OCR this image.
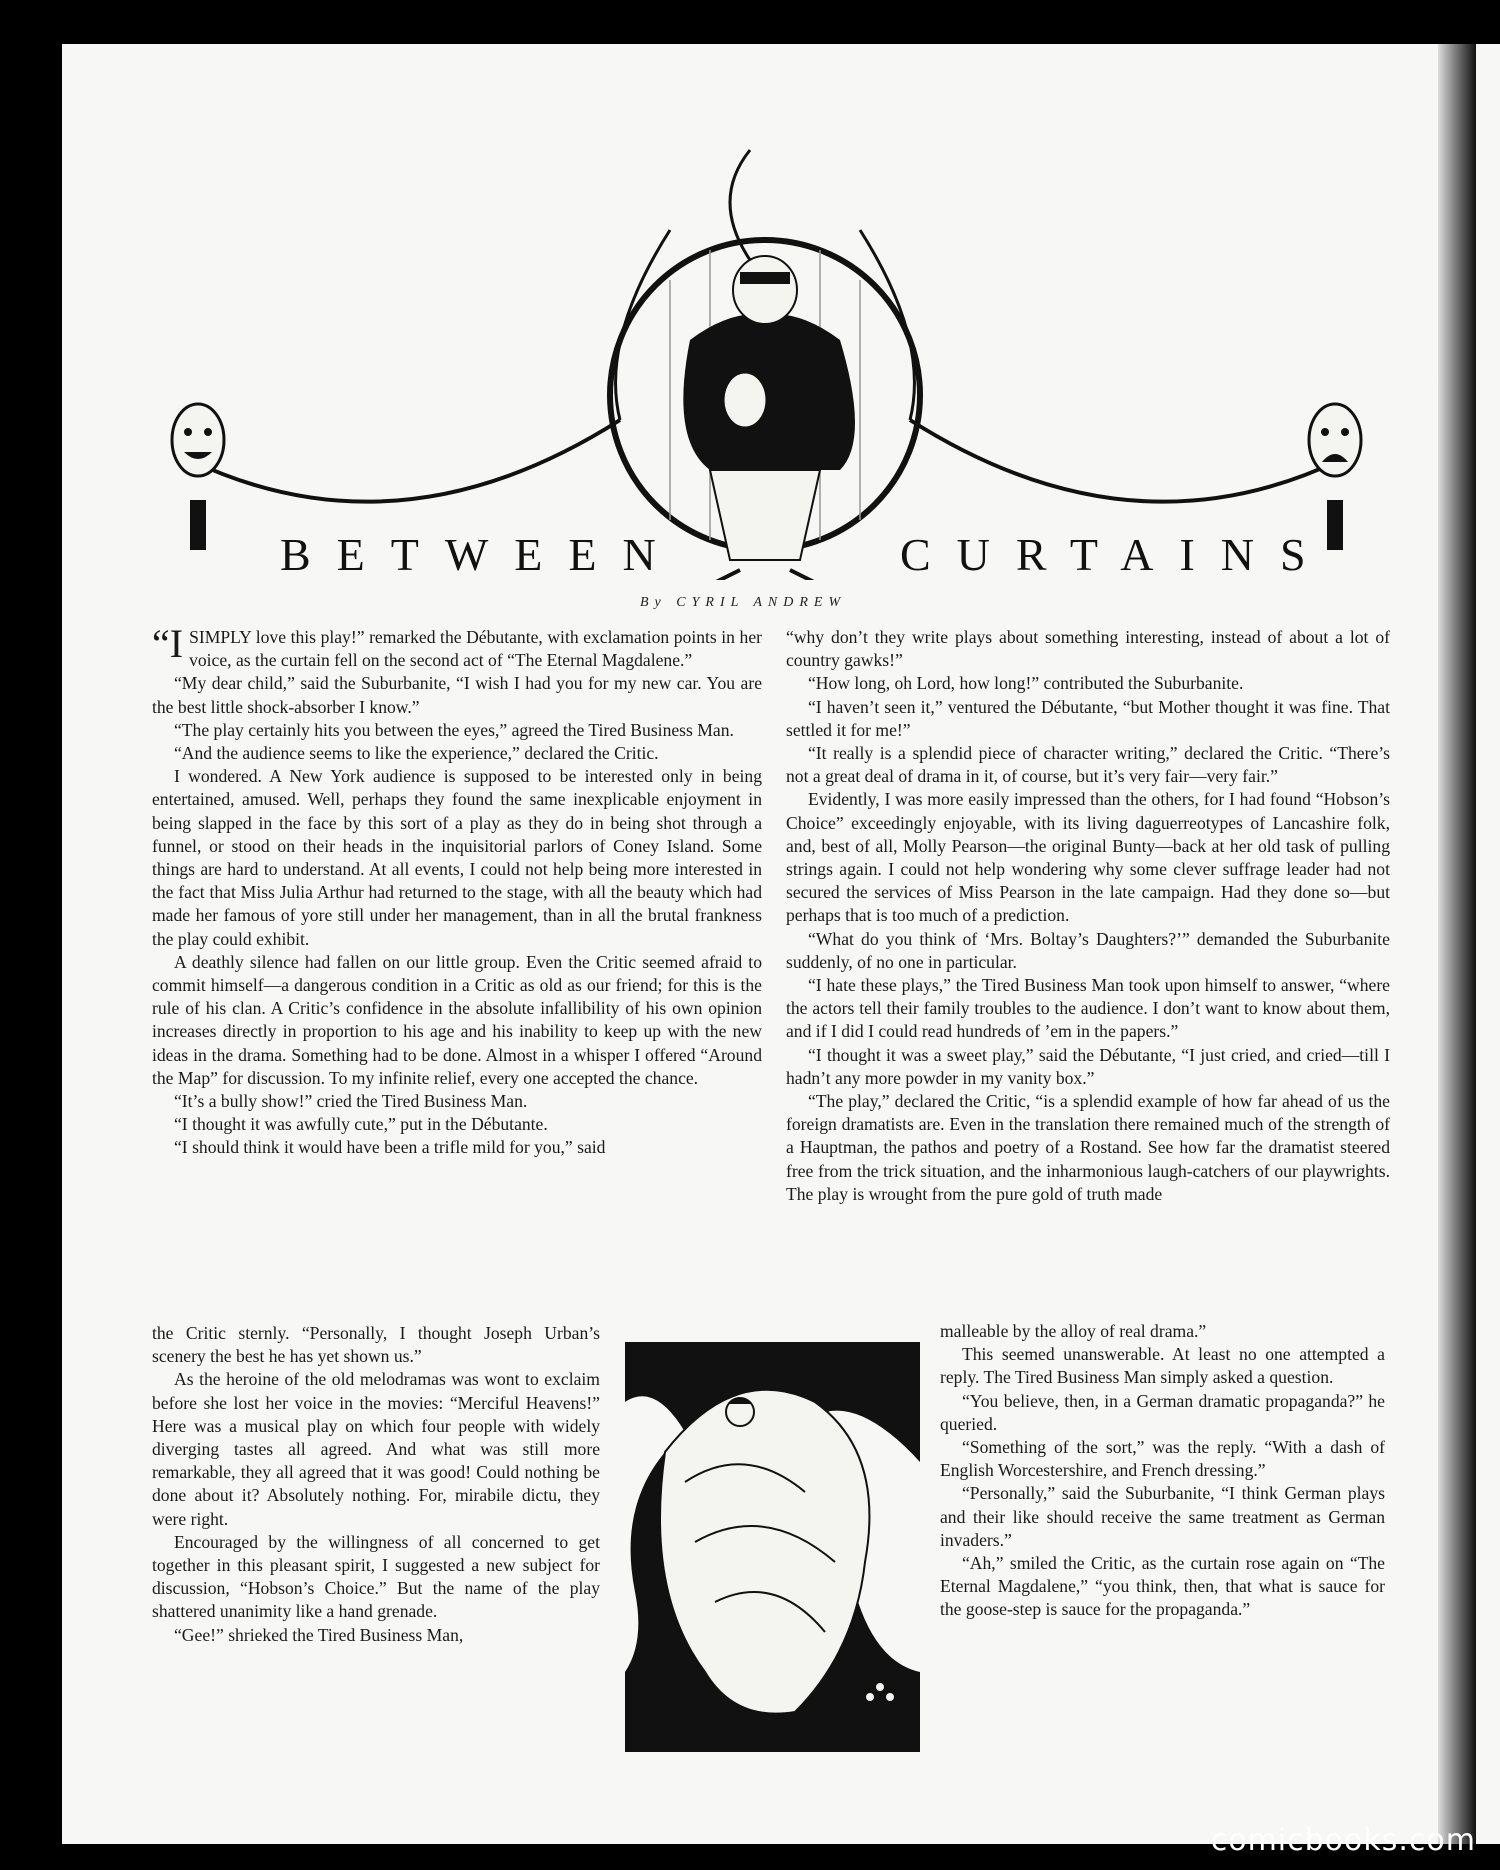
BETWEEN	CURTAINS
By CYRIL ANDREW

“ISIMPLY love this play!” remarked the Débutante, with exclamation points in her voice, as the curtain fell on the second act of “The Eternal Magdalene.”

“My dear child,” said the Suburbanite, “I wish I had you for my new car. You are the best little shock-absorber I know.”

“The play certainly hits you between the eyes,” agreed the Tired Business Man.

“And the audience seems to like the experience,” declared the Critic.

I wondered. A New York audience is supposed to be interested only in being entertained, amused. Well, perhaps they found the same inexplicable enjoyment in being slapped in the face by this sort of a play as they do in being shot through a funnel, or stood on their heads in the inquisitorial parlors of Coney Island. Some things are hard to understand. At all events, I could not help being more interested in the fact that Miss Julia Arthur had returned to the stage, with all the beauty which had made her famous of yore still under her management, than in all the brutal frankness the play could exhibit.

A deathly silence had fallen on our little group. Even the Critic seemed afraid to commit himself—a dangerous condition in a Critic as old as our friend; for this is the rule of his clan. A Critic’s confidence in the absolute infallibility of his own opinion increases directly in proportion to his age and his inability to keep up with the new ideas in the drama. Something had to be done. Almost in a whisper I offered “Around the Map” for discussion. To my infinite relief, every one accepted the chance.

“It’s a bully show!” cried the Tired Business Man.

“I thought it was awfully cute,” put in the Débutante.

“I should think it would have been a trifle mild for you,” said

the Critic sternly. “Personally, I thought Joseph Urban’s scenery the best he has yet shown us.”

As the heroine of the old melodramas was wont to exclaim before she lost her voice in the movies: “Merciful Heavens!” Here was a musical play on which four people with widely diverging tastes all agreed. And what was still more remarkable, they all agreed that it was good! Could nothing be done about it? Absolutely nothing. For, mirabile dictu, they were right.

Encouraged by the willingness of all concerned to get together in this pleasant spirit, I suggested a new subject for discussion, “Hobson’s Choice.” But the name of the play shattered unanimity like a hand grenade.

“Gee!” shrieked the Tired Business Man,

“why don’t they write plays about something interesting, instead of about a lot of country gawks!”

“How long, oh Lord, how long!” contributed the Suburbanite.

“I haven’t seen it,” ventured the Débutante, “but Mother thought it was fine. That settled it for me!”

“It really is a splendid piece of character writing,” declared the Critic. “There’s not a great deal of drama in it, of course, but it’s very fair—very fair.”

Evidently, I was more easily impressed than the others, for I had found “Hobson’s Choice” exceedingly enjoyable, with its living daguerreotypes of Lancashire folk, and, best of all, Molly Pearson—the original Bunty—back at her old task of pulling strings again. I could not help wondering why some clever suffrage leader had not secured the services of Miss Pearson in the late campaign. Had they done so—but perhaps that is too much of a prediction.

“What do you think of ‘Mrs. Boltay’s Daughters?’” demanded the Suburbanite suddenly, of no one in particular.

“I hate these plays,” the Tired Business Man took upon himself to answer, “where the actors tell their family troubles to the audience. I don’t want to know about them, and if I did I could read hundreds of ’em in the papers.”

“I thought it was a sweet play,” said the Débutante, “I just cried, and cried—till I hadn’t any more powder in my vanity box.”

“The play,” declared the Critic, “is a splendid example of how far ahead of us the foreign dramatists are. Even in the translation there remained much of the strength of a Hauptman, the pathos and poetry of a Rostand. See how far the dramatist steered free from the trick situation, and the inharmonious laugh-catchers of our playwrights. The play is wrought from the pure gold of truth made

malleable by the alloy of real drama.”

This seemed unanswerable. At least no one attempted a reply. The Tired Business Man simply asked a question.

“You believe, then, in a German dramatic propaganda?” he queried.

“Something of the sort,” was the reply. “With a dash of English Worcestershire, and French dressing.”

“Personally,” said the Suburbanite, “I think German plays and their like should receive the same treatment as German invaders.”

“Ah,” smiled the Critic, as the curtain rose again on “The Eternal Magdalene,” “you think, then, that what is sauce for the goose-step is sauce for the propaganda.”

comicbooks.com
